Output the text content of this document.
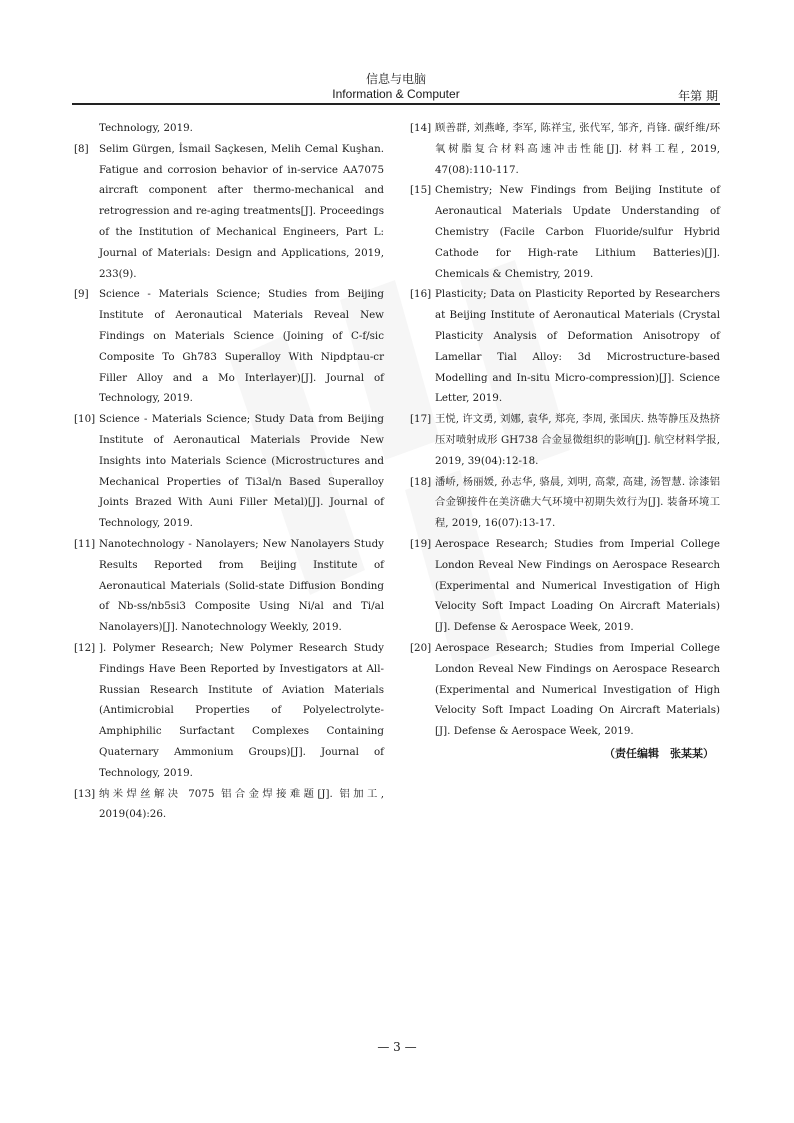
信息与电脑
Information & Computer	年第 期
Technology, 2019.
[8] Selim Gürgen, İsmail Saçkesen, Melih Cemal Kuşhan. Fatigue and corrosion behavior of in-service AA7075 aircraft component after thermo-mechanical and retrogression and re-aging treatments[J]. Proceedings of the Institution of Mechanical Engineers, Part L: Journal of Materials: Design and Applications, 2019, 233(9).
[9] Science - Materials Science; Studies from Beijing Institute of Aeronautical Materials Reveal New Findings on Materials Science (Joining of C-f/sic Composite To Gh783 Superalloy With Nipdptau-cr Filler Alloy and a Mo Interlayer)[J]. Journal of Technology, 2019.
[10] Science - Materials Science; Study Data from Beijing Institute of Aeronautical Materials Provide New Insights into Materials Science (Microstructures and Mechanical Properties of Ti3al/n Based Superalloy Joints Brazed With Auni Filler Metal)[J]. Journal of Technology, 2019.
[11] Nanotechnology - Nanolayers; New Nanolayers Study Results Reported from Beijing Institute of Aeronautical Materials (Solid-state Diffusion Bonding of Nb-ss/nb5si3 Composite Using Ni/al and Ti/al Nanolayers)[J]. Nanotechnology Weekly, 2019.
[12] ]. Polymer Research; New Polymer Research Study Findings Have Been Reported by Investigators at All-Russian Research Institute of Aviation Materials (Antimicrobial Properties of Polyelectrolyte-Amphiphilic Surfactant Complexes Containing Quaternary Ammonium Groups)[J]. Journal of Technology, 2019.
[13] 纳米焊丝解决 7075 铝合金焊接难题[J]. 铝加工, 2019(04):26.
[14] 顾善群, 刘燕峰, 李军, 陈祥宝, 张代军, 邹齐, 肖锋. 碳纤维/环氧树脂复合材料高速冲击性能[J]. 材料工程, 2019, 47(08):110-117.
[15] Chemistry; New Findings from Beijing Institute of Aeronautical Materials Update Understanding of Chemistry (Facile Carbon Fluoride/sulfur Hybrid Cathode for High-rate Lithium Batteries)[J]. Chemicals & Chemistry, 2019.
[16] Plasticity; Data on Plasticity Reported by Researchers at Beijing Institute of Aeronautical Materials (Crystal Plasticity Analysis of Deformation Anisotropy of Lamellar Tial Alloy: 3d Microstructure-based Modelling and In-situ Micro-compression)[J]. Science Letter, 2019.
[17] 王悦, 许文勇, 刘娜, 袁华, 郑亮, 李周, 张国庆. 热等静压及热挤压对喷射成形 GH738 合金显微组织的影响[J]. 航空材料学报, 2019, 39(04):12-18.
[18] 潘峤, 杨丽媛, 孙志华, 骆晨, 刘明, 高蒙, 高建, 汤智慧. 涂漆铝合金铆接件在美济礁大气环境中初期失效行为[J]. 装备环境工程, 2019, 16(07):13-17.
[19] Aerospace Research; Studies from Imperial College London Reveal New Findings on Aerospace Research (Experimental and Numerical Investigation of High Velocity Soft Impact Loading On Aircraft Materials)[J]. Defense & Aerospace Week, 2019.
[20] Aerospace Research; Studies from Imperial College London Reveal New Findings on Aerospace Research (Experimental and Numerical Investigation of High Velocity Soft Impact Loading On Aircraft Materials)[J]. Defense & Aerospace Week, 2019.
（责任编辑　张某某）
— 3 —
